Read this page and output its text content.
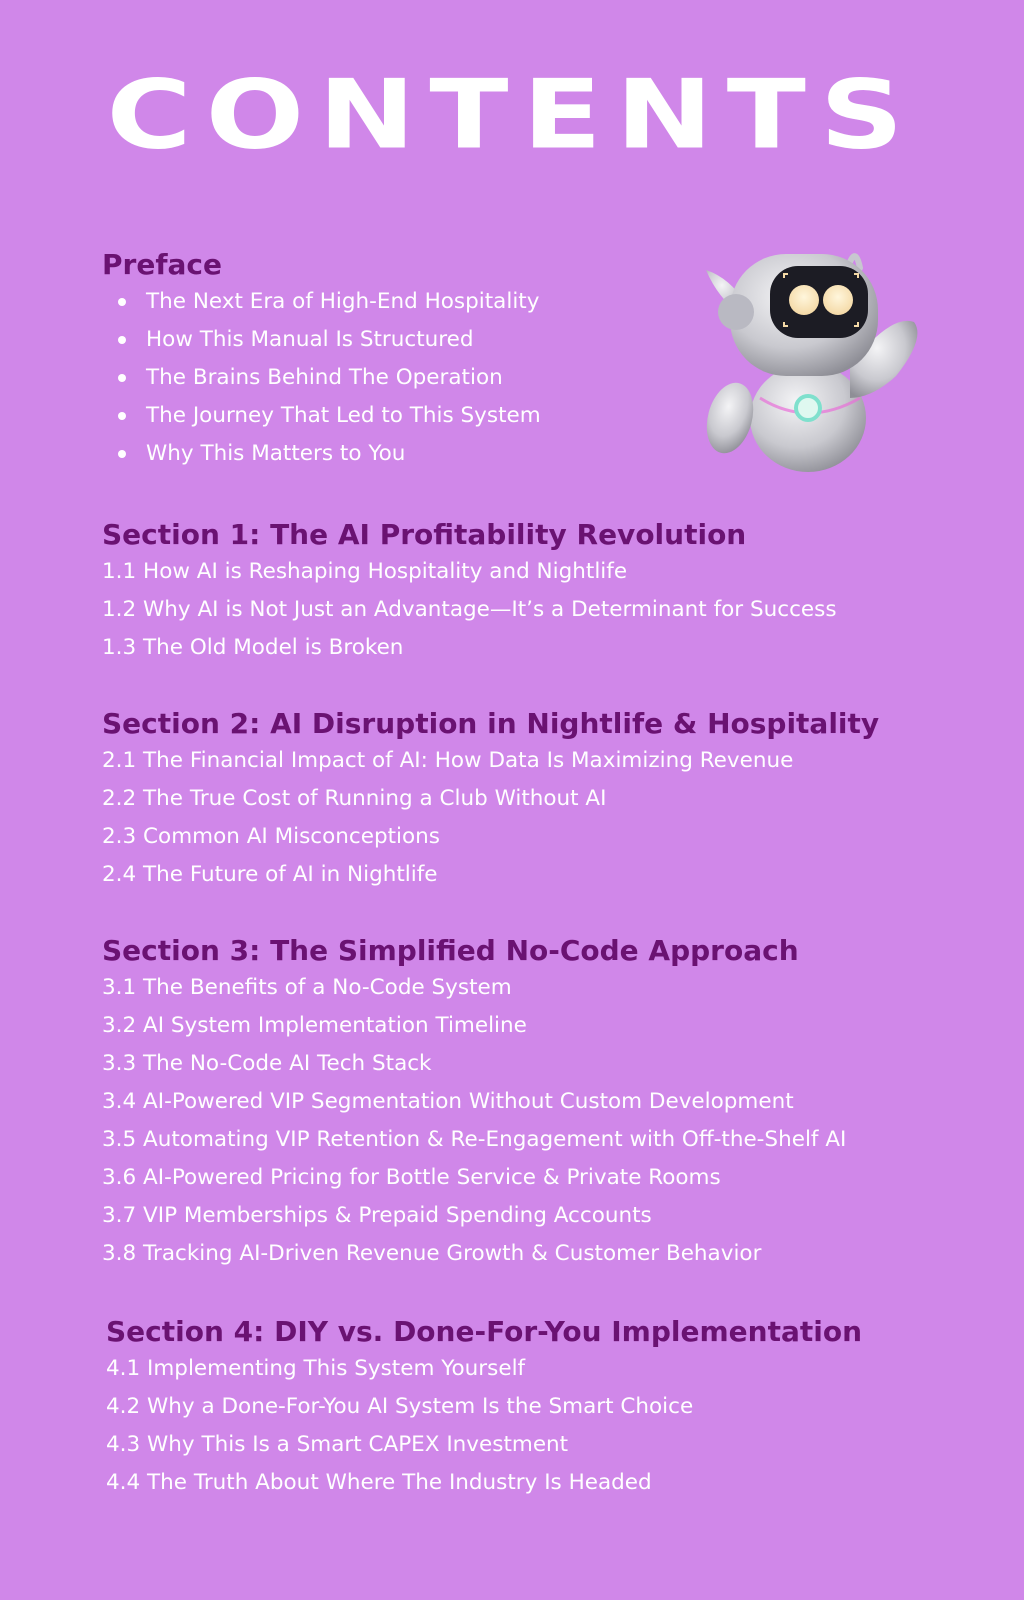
CONTENTS
Preface
The Next Era of High-End Hospitality
How This Manual Is Structured
The Brains Behind The Operation
The Journey That Led to This System
Why This Matters to You
Section 1: The AI Profitability Revolution
1.1 How AI is Reshaping Hospitality and Nightlife
1.2 Why AI is Not Just an Advantage—It’s a Determinant for Success
1.3 The Old Model is Broken
Section 2: AI Disruption in Nightlife & Hospitality
2.1 The Financial Impact of AI: How Data Is Maximizing Revenue
2.2 The True Cost of Running a Club Without AI
2.3 Common AI Misconceptions
2.4 The Future of AI in Nightlife
Section 3: The Simplified No-Code Approach
3.1 The Benefits of a No-Code System
3.2 AI System Implementation Timeline
3.3 The No-Code AI Tech Stack
3.4 AI-Powered VIP Segmentation Without Custom Development
3.5 Automating VIP Retention & Re-Engagement with Off-the-Shelf AI
3.6 AI-Powered Pricing for Bottle Service & Private Rooms
3.7 VIP Memberships & Prepaid Spending Accounts
3.8 Tracking AI-Driven Revenue Growth & Customer Behavior
Section 4: DIY vs. Done-For-You Implementation
4.1 Implementing This System Yourself
4.2 Why a Done-For-You AI System Is the Smart Choice
4.3 Why This Is a Smart CAPEX Investment
4.4 The Truth About Where The Industry Is Headed
